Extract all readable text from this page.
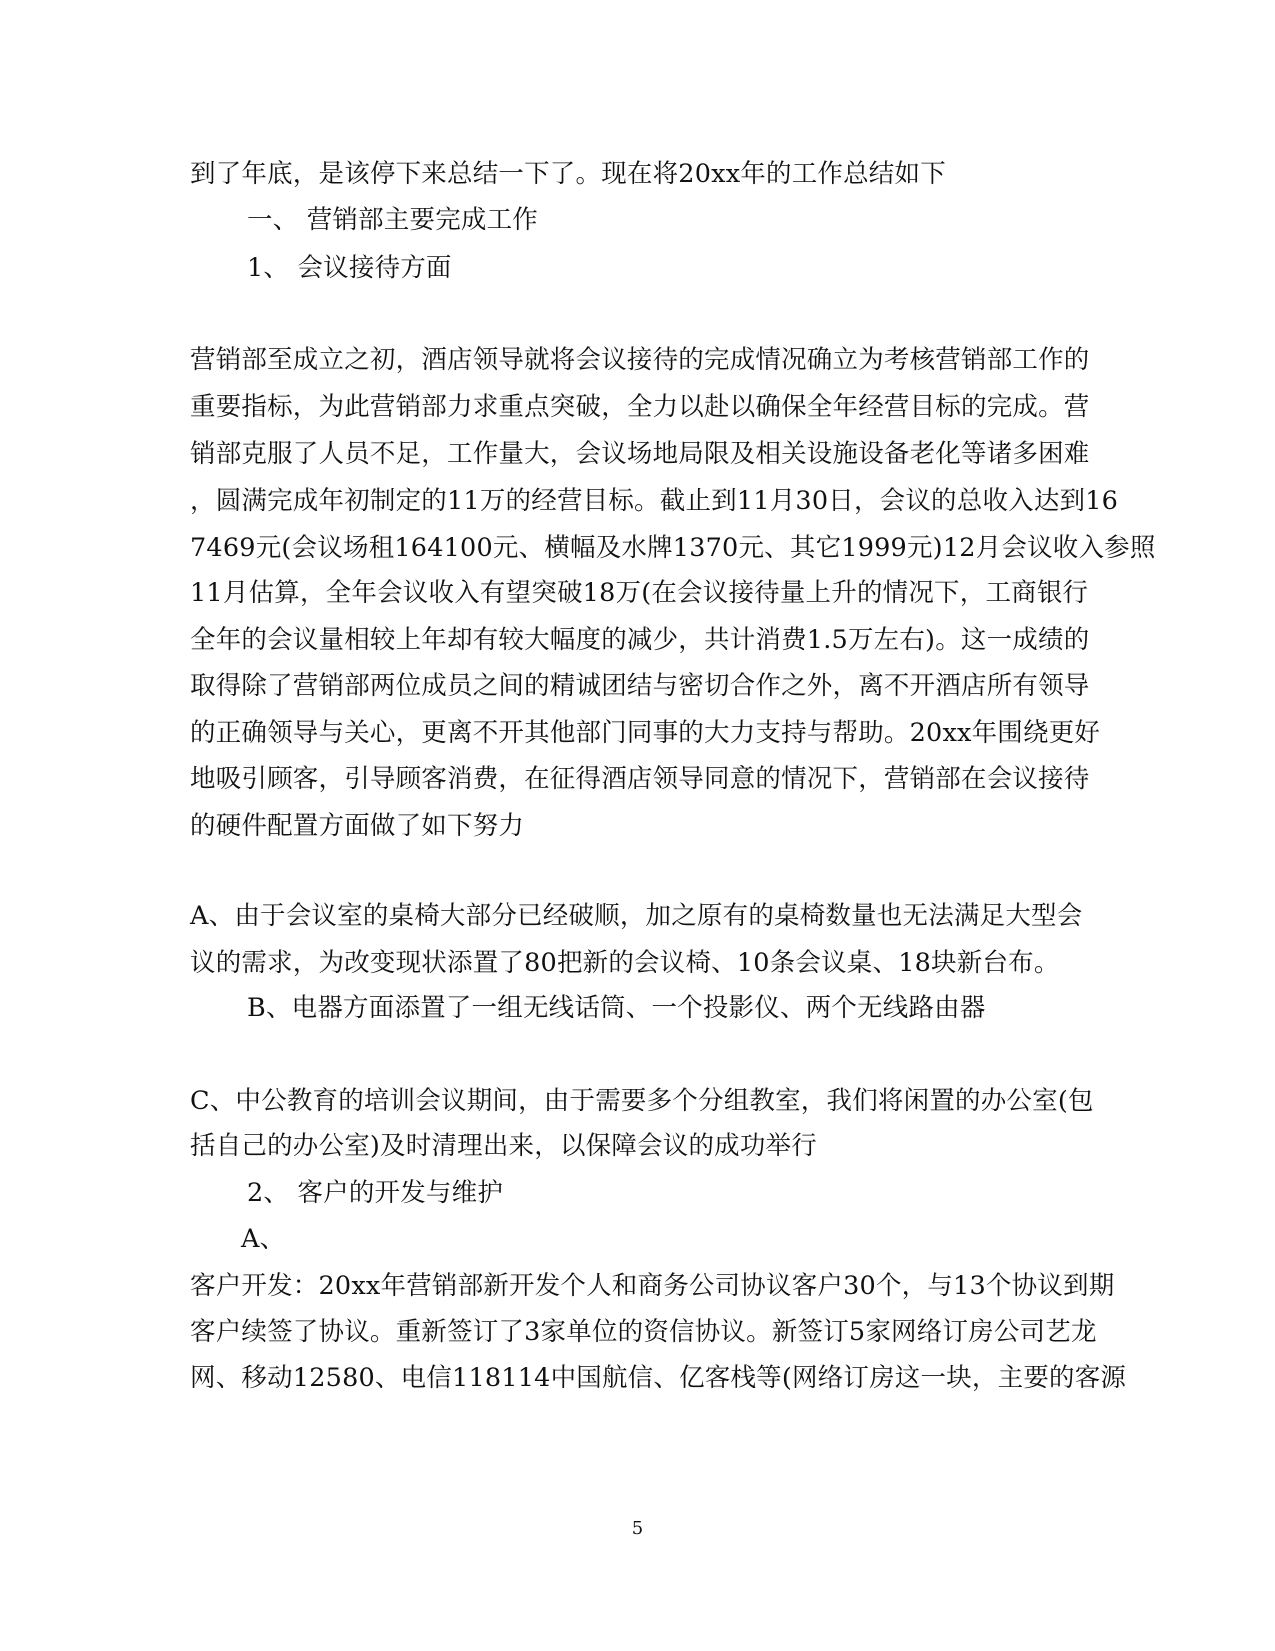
到了年底，是该停下来总结一下了。现在将20xx年的工作总结如下
一、 营销部主要完成工作
1、 会议接待方面
营销部至成立之初，酒店领导就将会议接待的完成情况确立为考核营销部工作的
重要指标，为此营销部力求重点突破，全力以赴以确保全年经营目标的完成。营
销部克服了人员不足，工作量大，会议场地局限及相关设施设备老化等诸多困难
，圆满完成年初制定的11万的经营目标。截止到11月30日，会议的总收入达到16
7469元(会议场租164100元、横幅及水牌1370元、其它1999元)12月会议收入参照
11月估算，全年会议收入有望突破18万(在会议接待量上升的情况下，工商银行
全年的会议量相较上年却有较大幅度的减少，共计消费1.5万左右)。这一成绩的
取得除了营销部两位成员之间的精诚团结与密切合作之外，离不开酒店所有领导
的正确领导与关心，更离不开其他部门同事的大力支持与帮助。20xx年围绕更好
地吸引顾客，引导顾客消费，在征得酒店领导同意的情况下，营销部在会议接待
的硬件配置方面做了如下努力
A、由于会议室的桌椅大部分已经破顺，加之原有的桌椅数量也无法满足大型会
议的需求，为改变现状添置了80把新的会议椅、10条会议桌、18块新台布。
B、电器方面添置了一组无线话筒、一个投影仪、两个无线路由器
C、中公教育的培训会议期间，由于需要多个分组教室，我们将闲置的办公室(包
括自己的办公室)及时清理出来，以保障会议的成功举行
2、 客户的开发与维护
A、
客户开发：20xx年营销部新开发个人和商务公司协议客户30个，与13个协议到期
客户续签了协议。重新签订了3家单位的资信协议。新签订5家网络订房公司艺龙
网、移动12580、电信118114中国航信、亿客栈等(网络订房这一块，主要的客源
5
